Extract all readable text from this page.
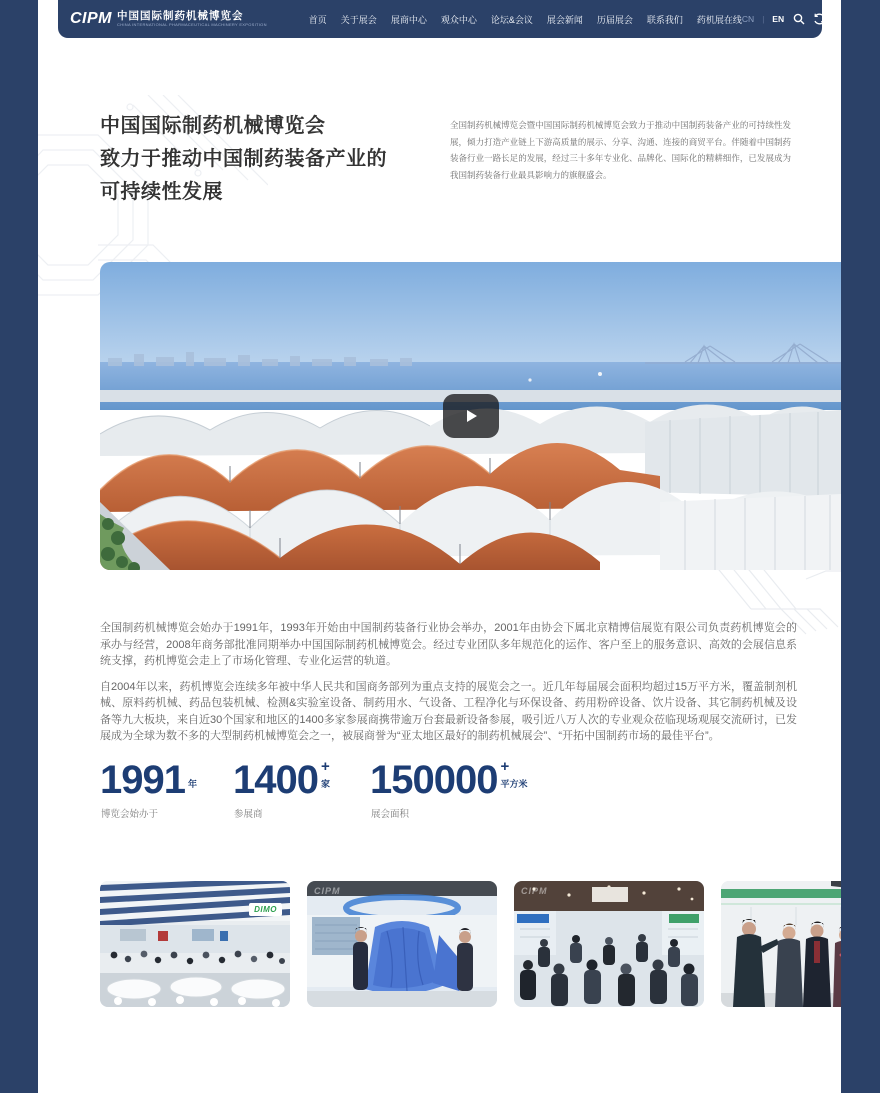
中国国际制药机械博览会
致力于推动中国制药装备产业的
可持续性发展
全国制药机械博览会暨中国国际制药机械博览会致力于推动中国制药装备产业的可持续性发展，倾力打造产业链上下游高质量的展示、分享、沟通、连接的商贸平台。伴随着中国制药装备行业一路长足的发展，经过三十多年专业化、品牌化、国际化的精耕细作，已发展成为我国制药装备行业最具影响力的旗舰盛会。

全国制药机械博览会始办于1991年，1993年开始由中国制药装备行业协会举办，2001年由协会下属北京精博信展览有限公司负责药机博览会的承办与经营，2008年商务部批准同期举办中国国际制药机械博览会。经过专业团队多年规范化的运作、客户至上的服务意识、高效的会展信息系统支撑，药机博览会走上了市场化管理、专业化运营的轨道。

自2004年以来，药机博览会连续多年被中华人民共和国商务部列为重点支持的展览会之一。近几年每届展会面积均超过15万平方米，覆盖制剂机械、原料药机械、药品包装机械、检测&实验室设备、制药用水、气设备、工程净化与环保设备、药用粉碎设备、饮片设备、其它制药机械及设备等九大板块，来自近30个国家和地区的1400多家参展商携带逾万台套最新设备参展，吸引近八万人次的专业观众莅临现场观展交流研讨，已发展成为全球为数不多的大型制药机械博览会之一，被展商誉为“亚太地区最好的制药机械展会”、“开拓中国制药市场的最佳平台”。

1991 年
博览会始办于
1400 +
家
参展商
150000 +
平方米
展会面积
DIMO
CIPM	CIPM
CIPM 中国国际制药机械博览会
CHINA INTERNATIONAL PHARMACEUTICAL MACHINERY EXPOSITION
首页 关于展会 展商中心 观众中心 论坛&会议 展会新闻 历届展会 联系我们 药机展在线 CN | EN
